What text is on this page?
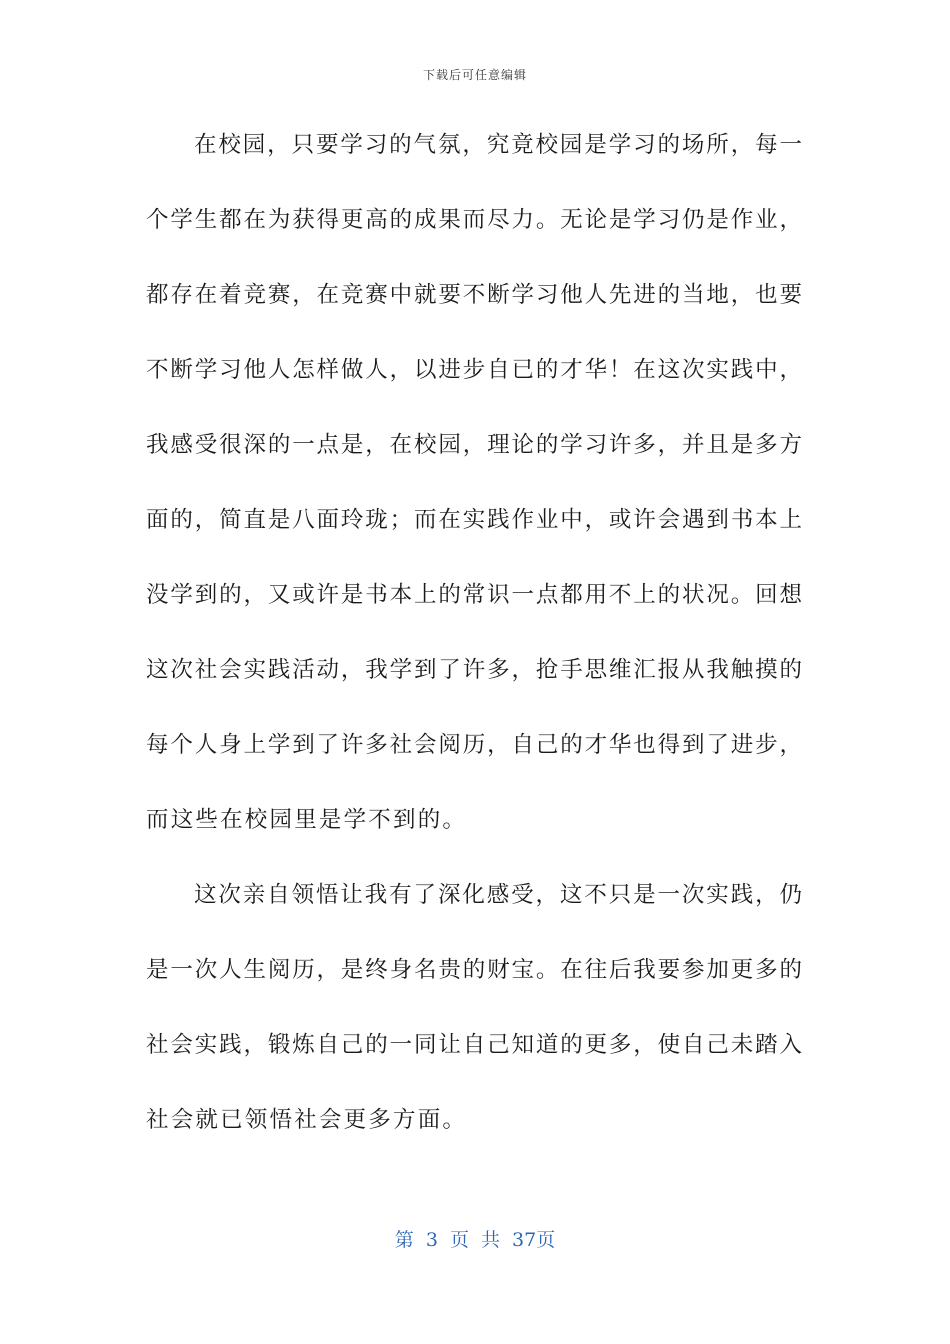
下载后可任意编辑
在校园，只要学习的气氛，究竟校园是学习的场所，每一
个学生都在为获得更高的成果而尽力。无论是学习仍是作业，
都存在着竞赛，在竞赛中就要不断学习他人先进的当地，也要
不断学习他人怎样做人，以进步自已的才华！在这次实践中，
我感受很深的一点是，在校园，理论的学习许多，并且是多方
面的，简直是八面玲珑；而在实践作业中，或许会遇到书本上
没学到的，又或许是书本上的常识一点都用不上的状况。回想
这次社会实践活动，我学到了许多，抢手思维汇报从我触摸的
每个人身上学到了许多社会阅历，自己的才华也得到了进步，
而这些在校园里是学不到的。
这次亲自领悟让我有了深化感受，这不只是一次实践，仍
是一次人生阅历，是终身名贵的财宝。在往后我要参加更多的
社会实践，锻炼自己的一同让自己知道的更多，使自己未踏入
社会就已领悟社会更多方面。
第 3 页 共 37页
